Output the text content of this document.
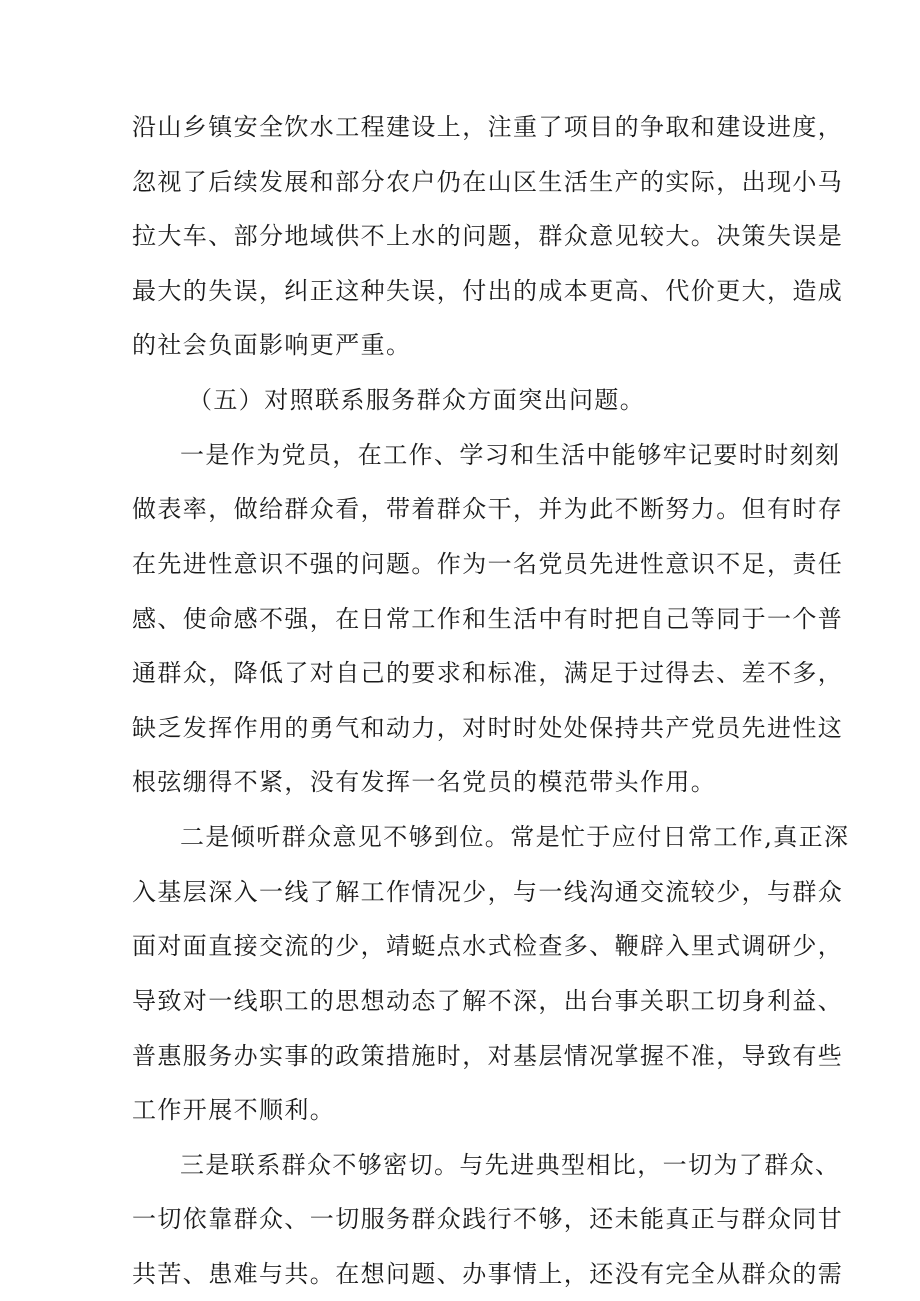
沿山乡镇安全饮水工程建设上，注重了项目的争取和建设进度，
忽视了后续发展和部分农户仍在山区生活生产的实际，出现小马
拉大车、部分地域供不上水的问题，群众意见较大。决策失误是
最大的失误，纠正这种失误，付出的成本更高、代价更大，造成
的社会负面影响更严重。
（五）对照联系服务群众方面突出问题。
一是作为党员，在工作、学习和生活中能够牢记要时时刻刻
做表率，做给群众看，带着群众干，并为此不断努力。但有时存
在先进性意识不强的问题。作为一名党员先进性意识不足，责任
感、使命感不强，在日常工作和生活中有时把自己等同于一个普
通群众，降低了对自己的要求和标准，满足于过得去、差不多，
缺乏发挥作用的勇气和动力，对时时处处保持共产党员先进性这
根弦绷得不紧，没有发挥一名党员的模范带头作用。
二是倾听群众意见不够到位。常是忙于应付日常工作,真正深
入基层深入一线了解工作情况少，与一线沟通交流较少，与群众
面对面直接交流的少，靖蜓点水式检查多、鞭辟入里式调研少，
导致对一线职工的思想动态了解不深，出台事关职工切身利益、
普惠服务办实事的政策措施时，对基层情况掌握不准，导致有些
工作开展不顺利。
三是联系群众不够密切。与先进典型相比，一切为了群众、
一切依靠群众、一切服务群众践行不够，还未能真正与群众同甘
共苦、患难与共。在想问题、办事情上，还没有完全从群众的需
